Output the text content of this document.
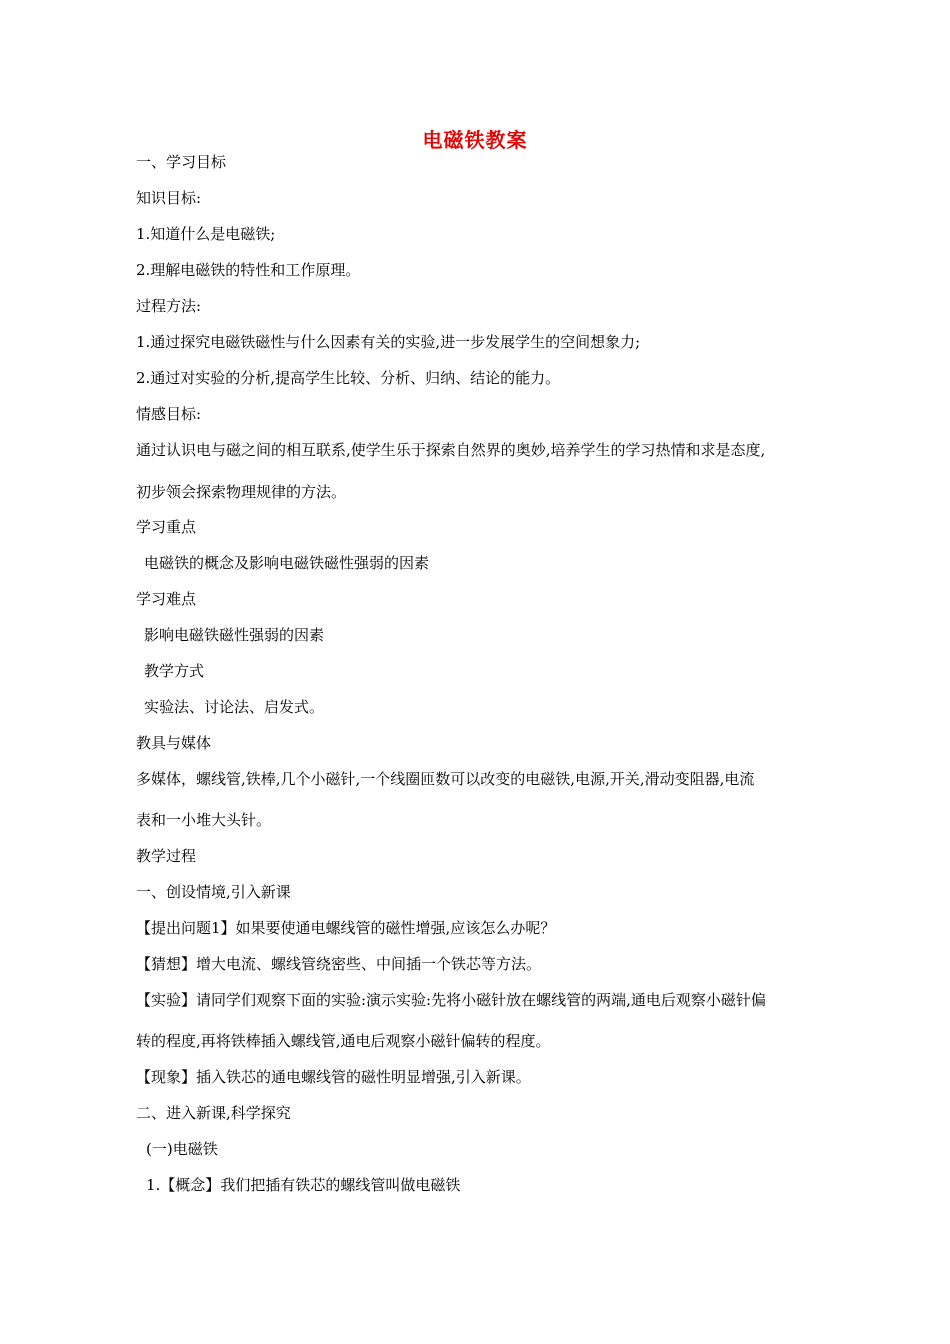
电磁铁教案
一、学习目标
知识目标:
1.知道什么是电磁铁;
2.理解电磁铁的特性和工作原理。
过程方法:
1.通过探究电磁铁磁性与什么因素有关的实验,进一步发展学生的空间想象力;
2.通过对实验的分析,提高学生比较、分析、归纳、结论的能力。
情感目标:
通过认识电与磁之间的相互联系,使学生乐于探索自然界的奥妙,培养学生的学习热情和求是态度,
初步领会探索物理规律的方法。
学习重点
电磁铁的概念及影响电磁铁磁性强弱的因素
学习难点
影响电磁铁磁性强弱的因素
教学方式
实验法、讨论法、启发式。
教具与媒体
多媒体，螺线管,铁棒,几个小磁针,一个线圈匝数可以改变的电磁铁,电源,开关,滑动变阻器,电流
表和一小堆大头针。
教学过程
一、创设情境,引入新课
【提出问题1】如果要使通电螺线管的磁性增强,应该怎么办呢？
【猜想】增大电流、螺线管绕密些、中间插一个铁芯等方法。
【实验】请同学们观察下面的实验:演示实验:先将小磁针放在螺线管的两端,通电后观察小磁针偏
转的程度,再将铁棒插入螺线管,通电后观察小磁针偏转的程度。
【现象】插入铁芯的通电螺线管的磁性明显增强,引入新课。
二、进入新课,科学探究
(一)电磁铁
1.【概念】我们把插有铁芯的螺线管叫做电磁铁
